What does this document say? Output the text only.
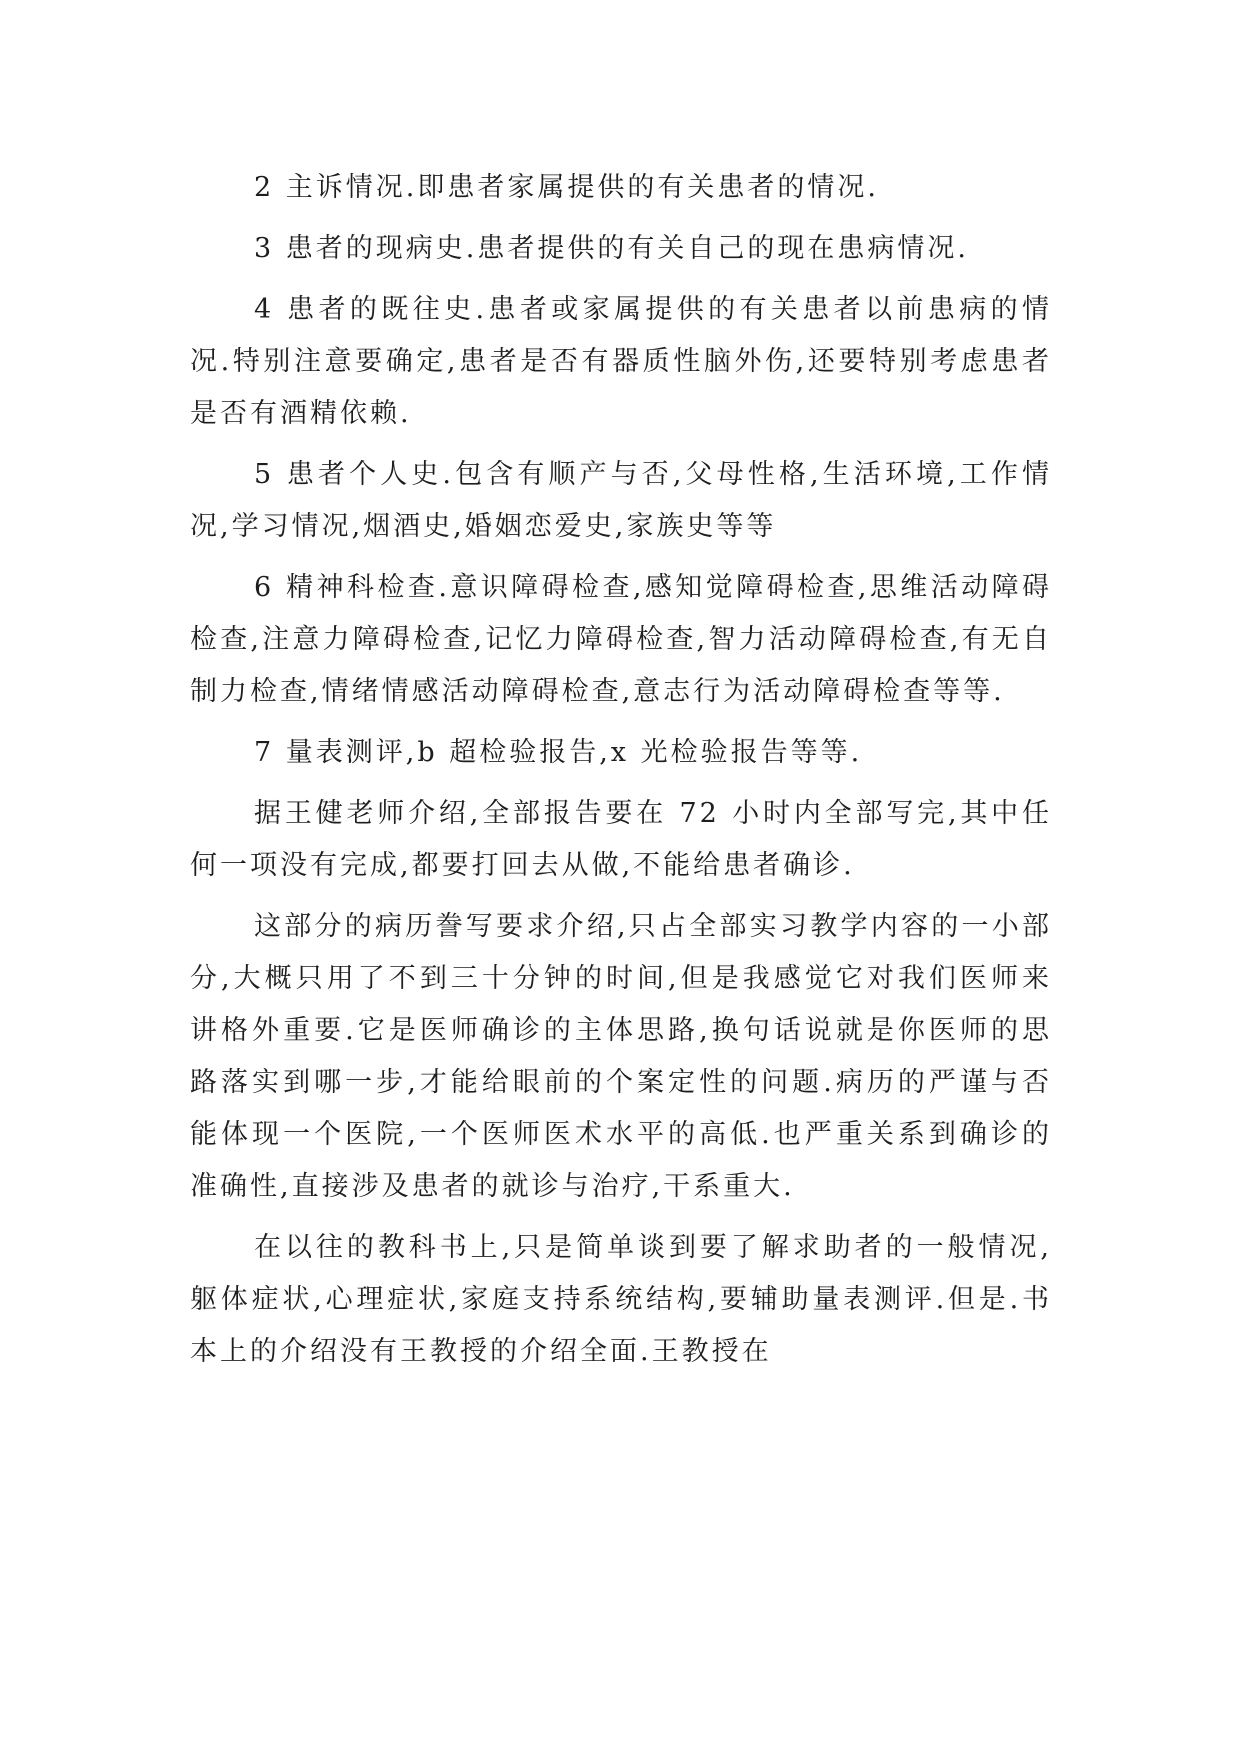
2 主诉情况.即患者家属提供的有关患者的情况.

3 患者的现病史.患者提供的有关自己的现在患病情况.

4 患者的既往史.患者或家属提供的有关患者以前患病的情况.特别注意要确定,患者是否有器质性脑外伤,还要特别考虑患者是否有酒精依赖.

5 患者个人史.包含有顺产与否,父母性格,生活环境,工作情况,学习情况,烟酒史,婚姻恋爱史,家族史等等

6 精神科检查.意识障碍检查,感知觉障碍检查,思维活动障碍检查,注意力障碍检查,记忆力障碍检查,智力活动障碍检查,有无自制力检查,情绪情感活动障碍检查,意志行为活动障碍检查等等.

7 量表测评,b 超检验报告,x 光检验报告等等.

据王健老师介绍,全部报告要在 72 小时内全部写完,其中任何一项没有完成,都要打回去从做,不能给患者确诊.

这部分的病历誊写要求介绍,只占全部实习教学内容的一小部分,大概只用了不到三十分钟的时间,但是我感觉它对我们医师来讲格外重要.它是医师确诊的主体思路,换句话说就是你医师的思路落实到哪一步,才能给眼前的个案定性的问题.病历的严谨与否能体现一个医院,一个医师医术水平的高低.也严重关系到确诊的准确性,直接涉及患者的就诊与治疗,干系重大.

在以往的教科书上,只是简单谈到要了解求助者的一般情况,躯体症状,心理症状,家庭支持系统结构,要辅助量表测评.但是.书本上的介绍没有王教授的介绍全面.王教授在
